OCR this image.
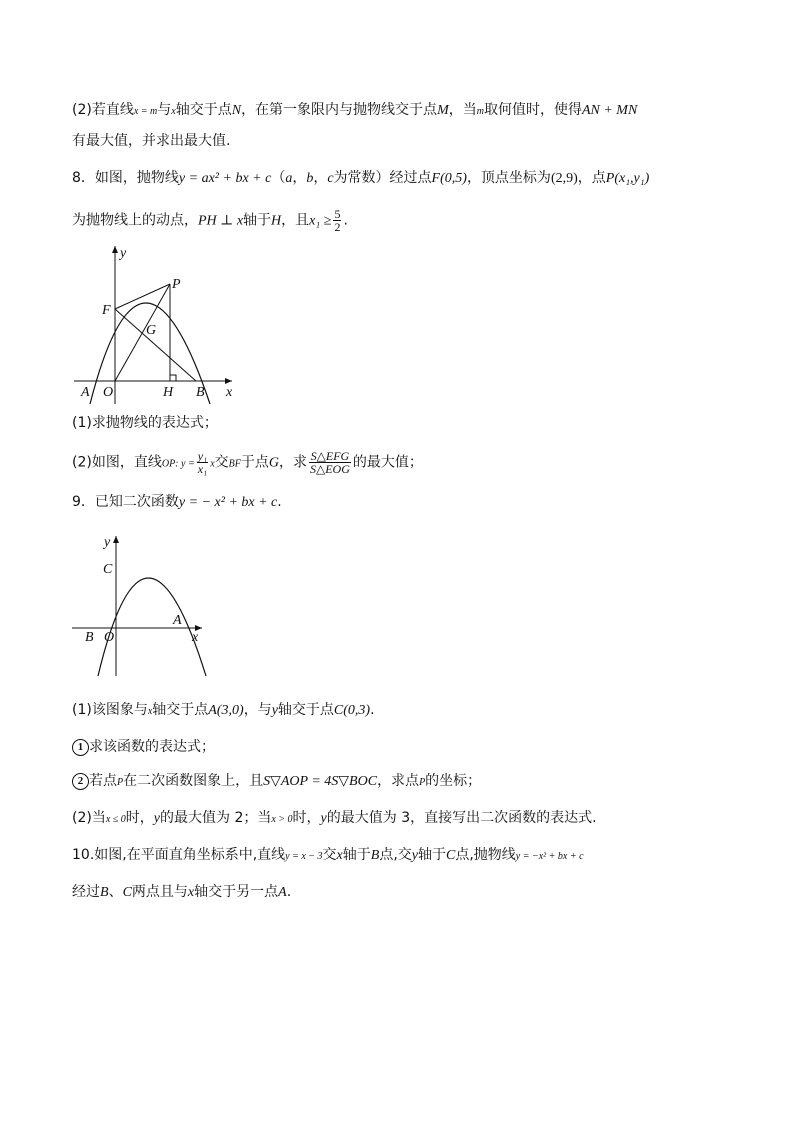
(2)若直线x = m与x轴交于点N，在第一象限内与抛物线交于点M，当m取何值时，使得AN + MN
有最大值，并求出最大值.
8．如图，抛物线y = ax² + bx + c（a，b，c为常数）经过点F(0,5)，顶点坐标为(2,9)，点P(x₁,y₁)
为抛物线上的动点，PH ⊥ x轴于H，且$x_1 \ge \frac{5}{2}$ .
y
x
P
F
G
A O	H B
(1)求抛物线的表达式；
(2)如图，直线OP: $y = \frac{\text{y₁}}{\text{x₁}}$ x交BF于点G，求 $\frac{\text{S△EFG}}{\text{S△EOG}}$ 的最大值；
9．已知二次函数y = − x² + bx + c.
y
C
B O
A
x
(1)该图象与x轴交于点A(3,0)，与y轴交于点C(0,3).
1 求该函数的表达式；
2 若点P在二次函数图象上，且S▽AOP = 4S▽BOC，求点P的坐标；
(2)当x ≤ 0时，y的最大值为 2；当x > 0时，y的最大值为 3，直接写出二次函数的表达式.
10.如图,在平面直角坐标系中,直线y = x − 3交x轴于B点,交y轴于C点,抛物线y = −x² + bx + c
经过B、C两点且与x轴交于另一点A.
